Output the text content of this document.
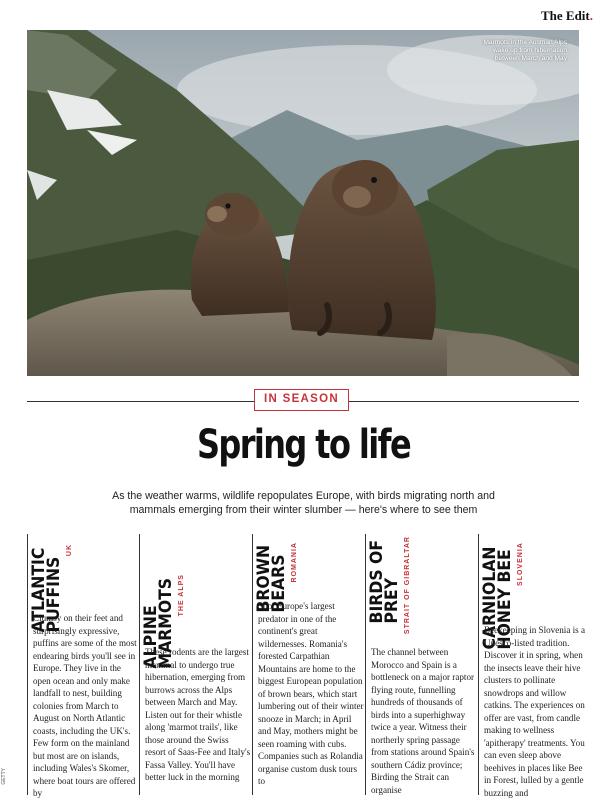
The Edit.
Marmots in the Austrian Alps wake up from hibernation between March and May
IN SEASON
Spring to life
As the weather warms, wildlife repopulates Europe, with birds migrating north and mammals emerging from their winter slumber — here's where to see them
GETTY
UK
ATLANTIC
PUFFINS
Clumsy on their feet and surprisingly expressive, puffins are some of the most endearing birds you'll see in Europe. They live in the open ocean and only make landfall to nest, building colonies from March to August on North Atlantic coasts, including the UK's. Few form on the mainland but most are on islands, including Wales's Skomer, where boat tours are offered by
THE ALPS
ALPINE
MARMOTS
These rodents are the largest mammal to undergo true hibernation, emerging from burrows across the Alps between March and May. Listen out for their whistle along 'marmot trails', like those around the Swiss resort of Saas-Fee and Italy's Fassa Valley. You'll have better luck in the morning
ROMANIA
BROWN
BEARS
Spot Europe's largest predator in one of the continent's great wildernesses. Romania's forested Carpathian Mountains are home to the biggest European population of brown bears, which start lumbering out of their winter snooze in March; in April and May, mothers might be seen roaming with cubs. Companies such as Rolandia organise custom dusk tours to
STRAIT OF GIBRALTAR
BIRDS OF
PREY
The channel between Morocco and Spain is a bottleneck on a major raptor flying route, funnelling hundreds of thousands of birds into a superhighway twice a year. Witness their northerly spring passage from stations around Spain's southern Cádiz province; Birding the Strait can organise
SLOVENIA
CARNIOLAN
HONEY BEE
Beekeeping in Slovenia is a Unesco-listed tradition. Discover it in spring, when the insects leave their hive clusters to pollinate snowdrops and willow catkins. The experiences on offer are vast, from candle making to wellness 'apitherapy' treatments. You can even sleep above beehives in places like Bee in Forest, lulled by a gentle buzzing and
